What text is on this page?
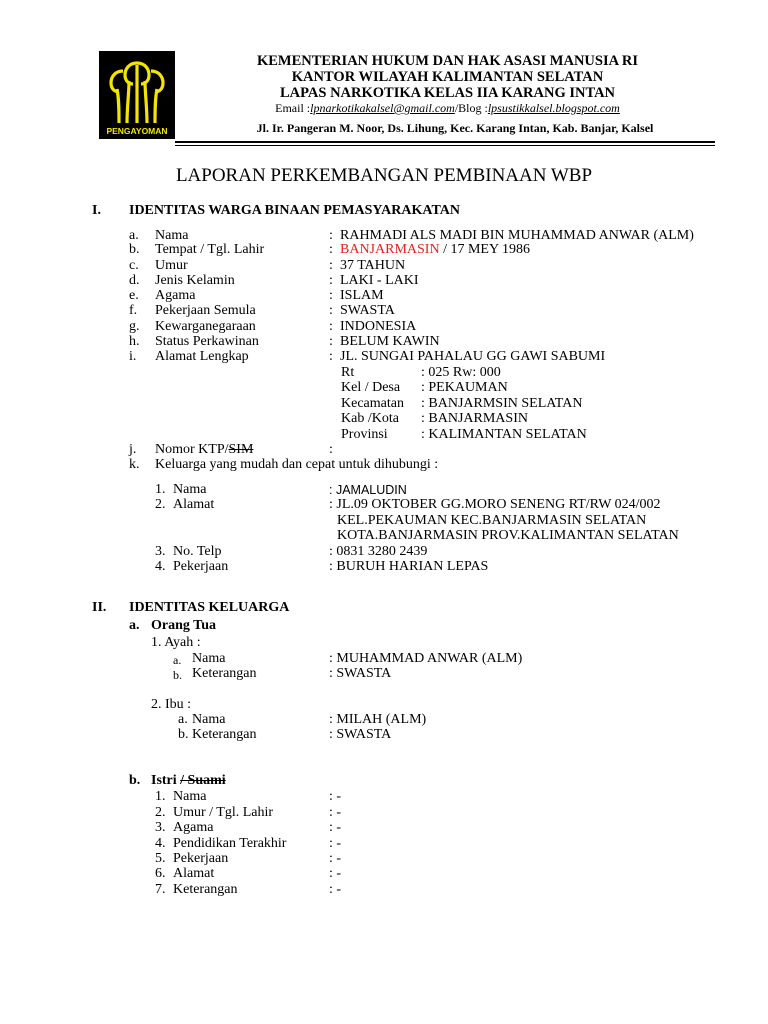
PENGAYOMAN
KEMENTERIAN HUKUM DAN HAK ASASI MANUSIA RI
KANTOR WILAYAH KALIMANTAN SELATAN
LAPAS NARKOTIKA KELAS IIA KARANG INTAN
Email :lpnarkotikakalsel@gmail.com/Blog :lpsustikkalsel.blogspot.com
Jl. Ir. Pangeran M. Noor, Ds. Lihung, Kec. Karang Intan, Kab. Banjar, Kalsel
LAPORAN PERKEMBANGAN PEMBINAAN WBP
I. IDENTITAS WARGA BINAAN PEMASYARAKATAN
a. Nama	: RAHMADI ALS MADI BIN MUHAMMAD ANWAR (ALM)
b. Tempat / Tgl. Lahir	: BANJARMASIN / 17 MEY 1986
c. Umur	: 37 TAHUN
d. Jenis Kelamin	: LAKI - LAKI
e. Agama	: ISLAM
f. Pekerjaan Semula	: SWASTA
g. Kewarganegaraan	: INDONESIA
h. Status Perkawinan	: BELUM KAWIN
i. Alamat Lengkap	: JL. SUNGAI PAHALAU GG GAWI SABUMI
Rt	: 025 Rw: 000
Kel / Desa : PEKAUMAN
Kecamatan : BANJARMSIN SELATAN
Kab /Kota : BANJARMASIN
Provinsi : KALIMANTAN SELATAN
j. Nomor KTP/SIM	:
k. Keluarga yang mudah dan cepat untuk dihubungi :
1. Nama	: JAMALUDIN
2. Alamat	: JL.09 OKTOBER GG.MORO SENENG RT/RW 024/002
KEL.PEKAUMAN KEC.BANJARMASIN SELATAN
KOTA.BANJARMASIN PROV.KALIMANTAN SELATAN
3. No. Telp	: 0831 3280 2439
4. Pekerjaan	: BURUH HARIAN LEPAS
II. IDENTITAS KELUARGA
a. Orang Tua
1. Ayah :
a. Nama	: MUHAMMAD ANWAR (ALM)
b. Keterangan	: SWASTA
2. Ibu :
a. Nama	: MILAH (ALM)
b. Keterangan	: SWASTA
b. Istri / Suami
1. Nama	: -
2. Umur / Tgl. Lahir	: -
3. Agama	: -
4. Pendidikan Terakhir	: -
5. Pekerjaan	: -
6. Alamat	: -
7. Keterangan	: -
